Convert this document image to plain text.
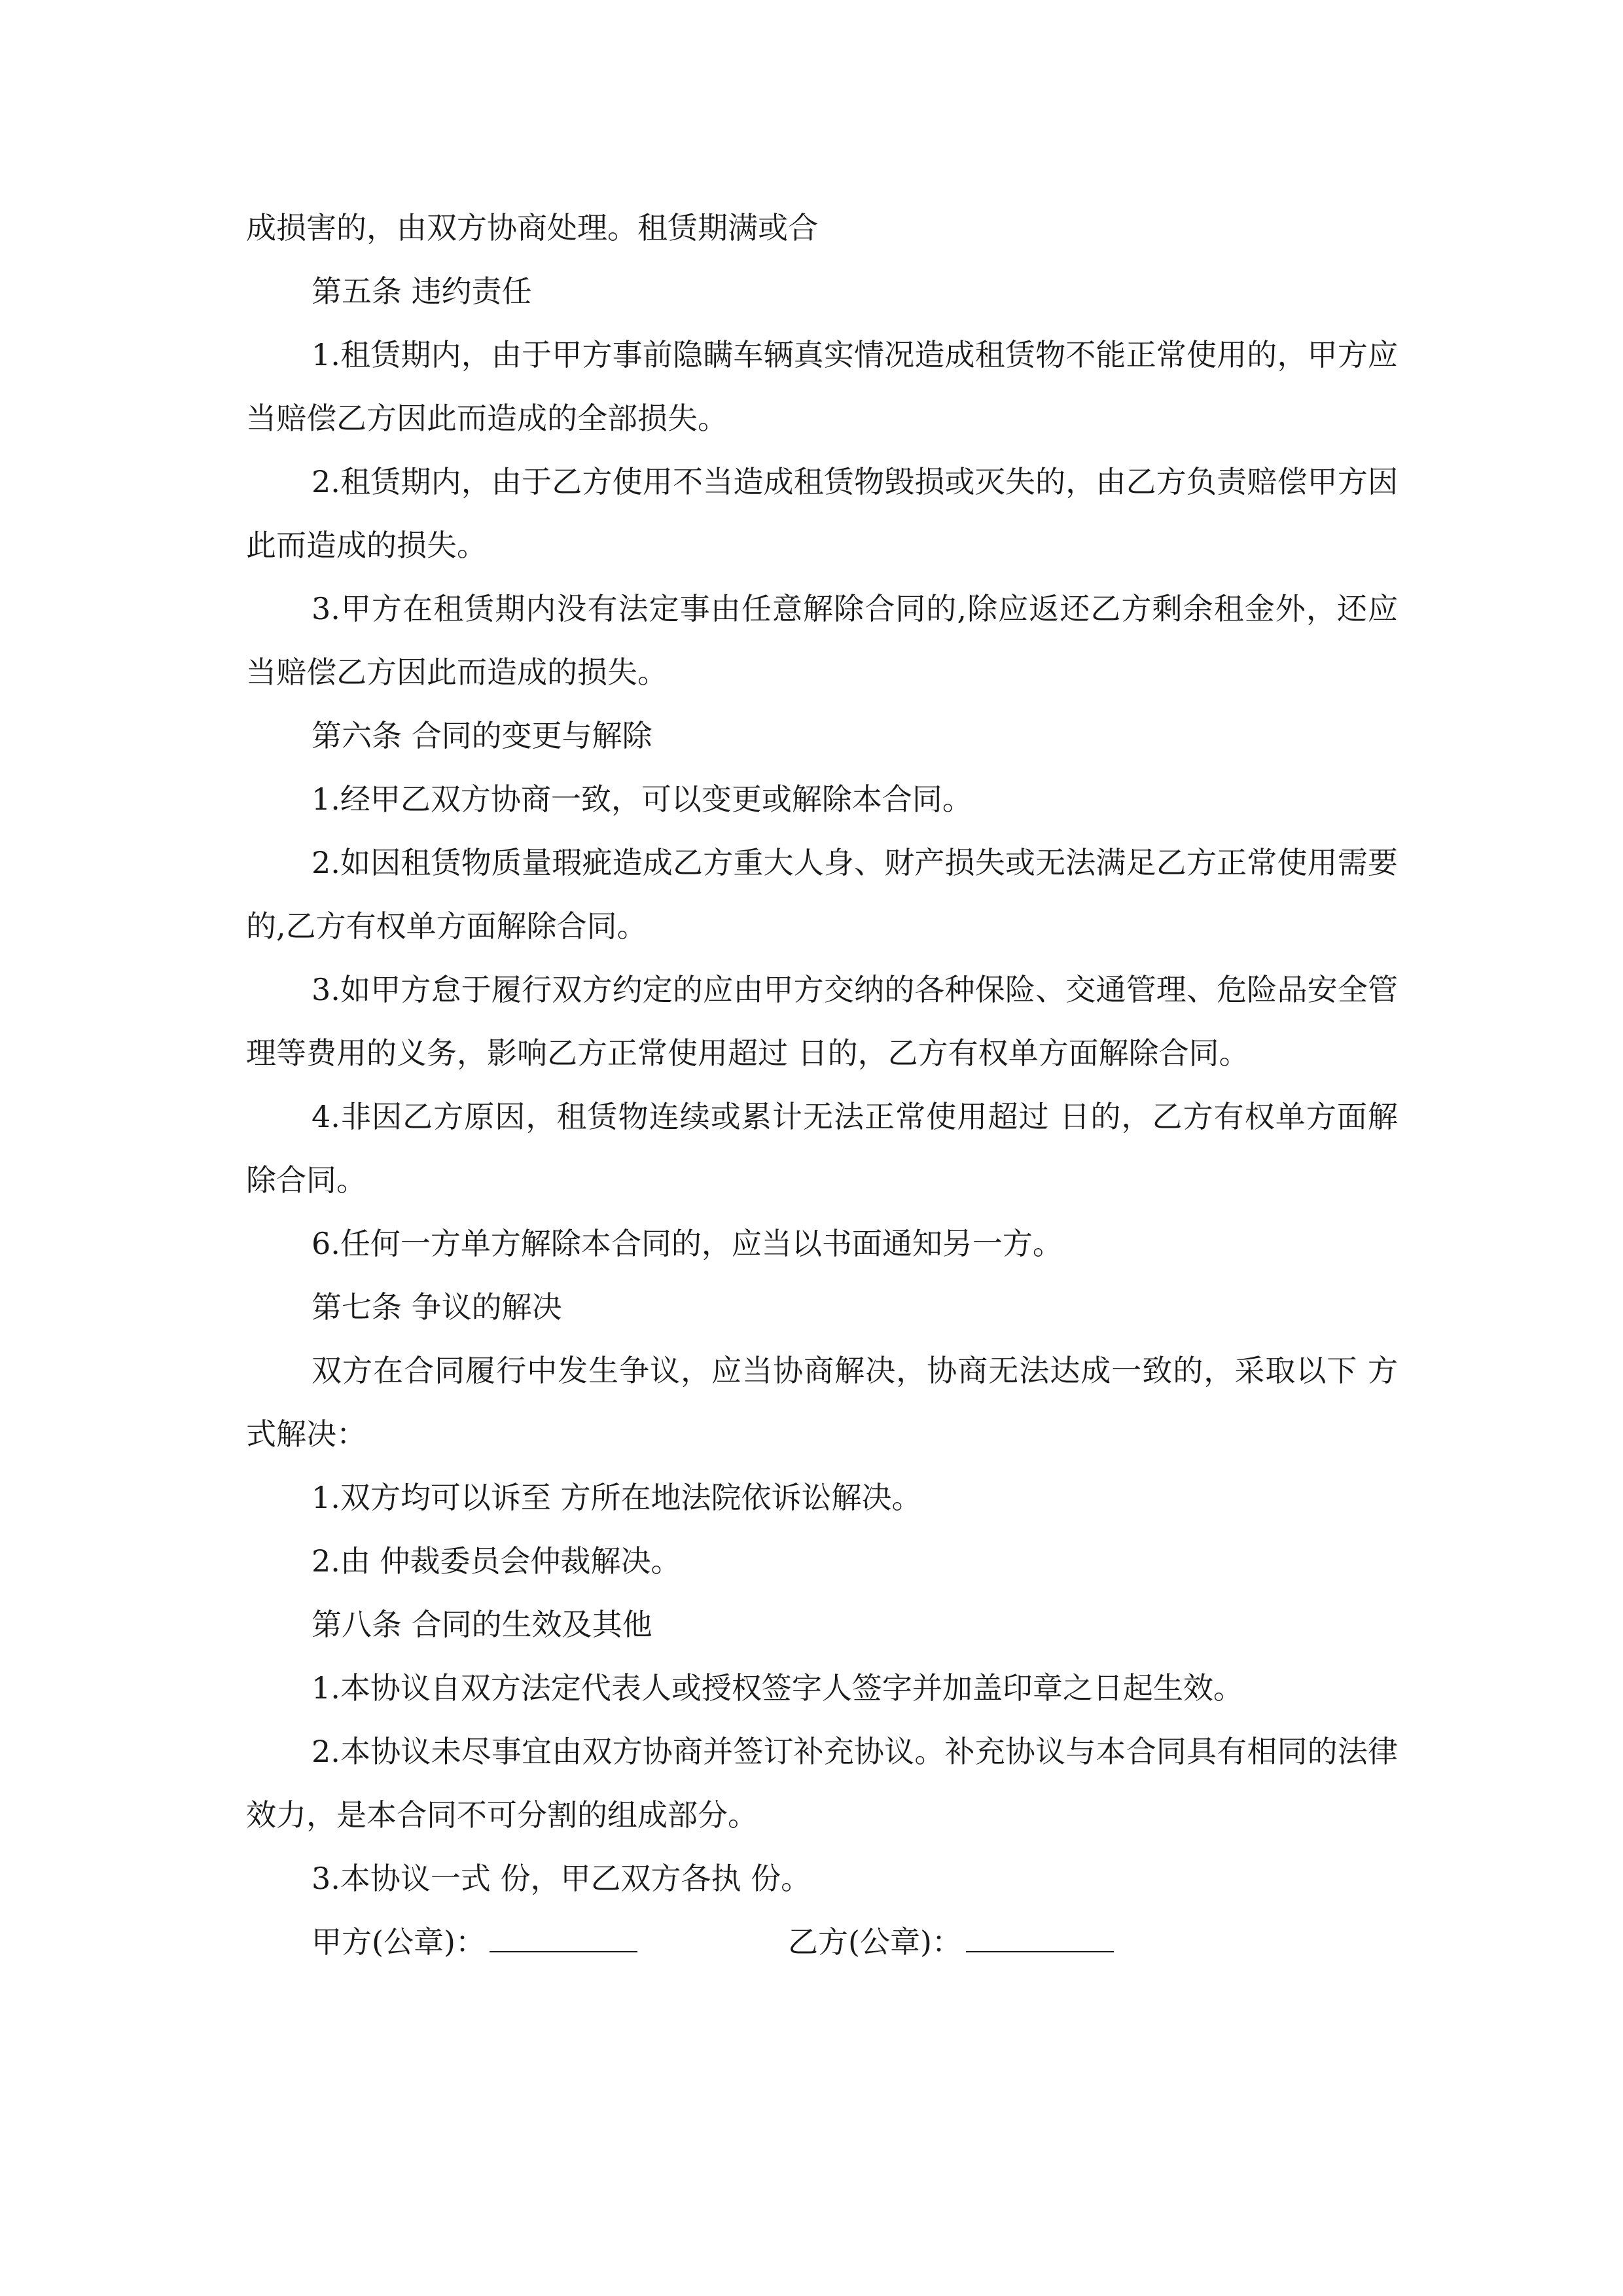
成损害的，由双方协商处理。租赁期满或合

第五条 违约责任

1.租赁期内，由于甲方事前隐瞒车辆真实情况造成租赁物不能正常使用的，甲方应当赔偿乙方因此而造成的全部损失。

2.租赁期内，由于乙方使用不当造成租赁物毁损或灭失的，由乙方负责赔偿甲方因此而造成的损失。

3.甲方在租赁期内没有法定事由任意解除合同的,除应返还乙方剩余租金外，还应当赔偿乙方因此而造成的损失。

第六条 合同的变更与解除

1.经甲乙双方协商一致，可以变更或解除本合同。

2.如因租赁物质量瑕疵造成乙方重大人身、财产损失或无法满足乙方正常使用需要的,乙方有权单方面解除合同。

3.如甲方怠于履行双方约定的应由甲方交纳的各种保险、交通管理、危险品安全管理等费用的义务，影响乙方正常使用超过 日的，乙方有权单方面解除合同。

4.非因乙方原因，租赁物连续或累计无法正常使用超过 日的，乙方有权单方面解除合同。

6.任何一方单方解除本合同的，应当以书面通知另一方。

第七条 争议的解决

双方在合同履行中发生争议，应当协商解决，协商无法达成一致的，采取以下 方式解决：

1.双方均可以诉至 方所在地法院依诉讼解决。

2.由 仲裁委员会仲裁解决。

第八条 合同的生效及其他

1.本协议自双方法定代表人或授权签字人签字并加盖印章之日起生效。

2.本协议未尽事宜由双方协商并签订补充协议。补充协议与本合同具有相同的法律效力，是本合同不可分割的组成部分。

3.本协议一式 份，甲乙双方各执 份。

甲方(公章)：	乙方(公章)：
